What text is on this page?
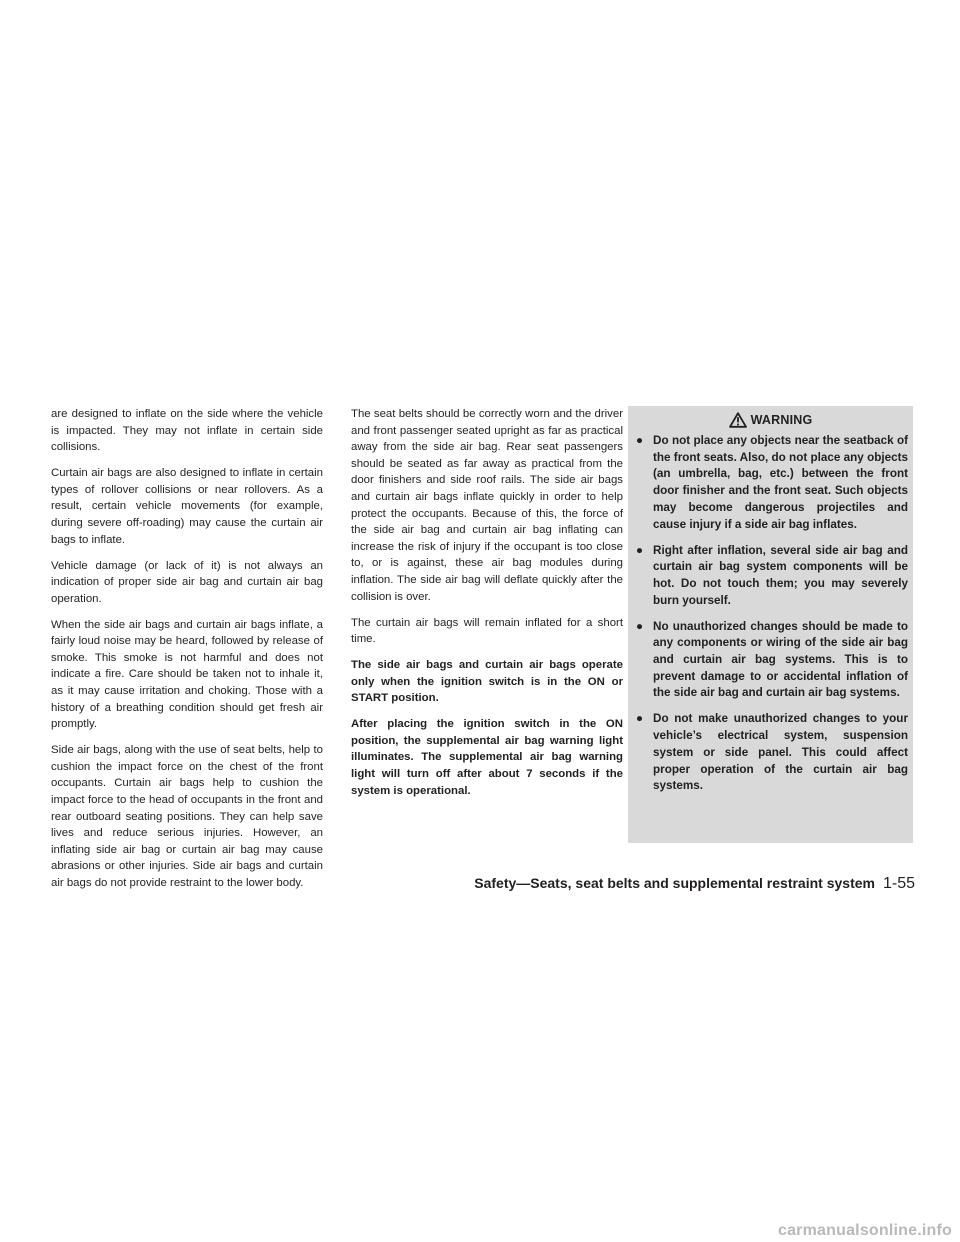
are designed to inflate on the side where the vehicle is impacted. They may not inflate in certain side collisions.

Curtain air bags are also designed to inflate in certain types of rollover collisions or near rollovers. As a result, certain vehicle movements (for example, during severe off-roading) may cause the curtain air bags to inflate.

Vehicle damage (or lack of it) is not always an indication of proper side air bag and curtain air bag operation.

When the side air bags and curtain air bags inflate, a fairly loud noise may be heard, followed by release of smoke. This smoke is not harmful and does not indicate a fire. Care should be taken not to inhale it, as it may cause irritation and choking. Those with a history of a breathing condition should get fresh air promptly.

Side air bags, along with the use of seat belts, help to cushion the impact force on the chest of the front occupants. Curtain air bags help to cushion the impact force to the head of occupants in the front and rear outboard seating positions. They can help save lives and reduce serious injuries. However, an inflating side air bag or curtain air bag may cause abrasions or other injuries. Side air bags and curtain air bags do not provide restraint to the lower body.

The seat belts should be correctly worn and the driver and front passenger seated upright as far as practical away from the side air bag. Rear seat passengers should be seated as far away as practical from the door finishers and side roof rails. The side air bags and curtain air bags inflate quickly in order to help protect the occupants. Because of this, the force of the side air bag and curtain air bag inflating can increase the risk of injury if the occupant is too close to, or is against, these air bag modules during inflation. The side air bag will deflate quickly after the collision is over.

The curtain air bags will remain inflated for a short time.

The side air bags and curtain air bags operate only when the ignition switch is in the ON or START position.

After placing the ignition switch in the ON position, the supplemental air bag warning light illuminates. The supplemental air bag warning light will turn off after about 7 seconds if the system is operational.

WARNING
● Do not place any objects near the seatback of the front seats. Also, do not place any objects (an umbrella, bag, etc.) between the front door finisher and the front seat. Such objects may become dangerous projectiles and cause injury if a side air bag inflates.
● Right after inflation, several side air bag and curtain air bag system components will be hot. Do not touch them; you may severely burn yourself.
● No unauthorized changes should be made to any components or wiring of the side air bag and curtain air bag systems. This is to prevent damage to or accidental inflation of the side air bag and curtain air bag systems.
● Do not make unauthorized changes to your vehicle’s electrical system, suspension system or side panel. This could affect proper operation of the curtain air bag systems.
Safety—Seats, seat belts and supplemental restraint system 1-55
carmanualsonline.info
